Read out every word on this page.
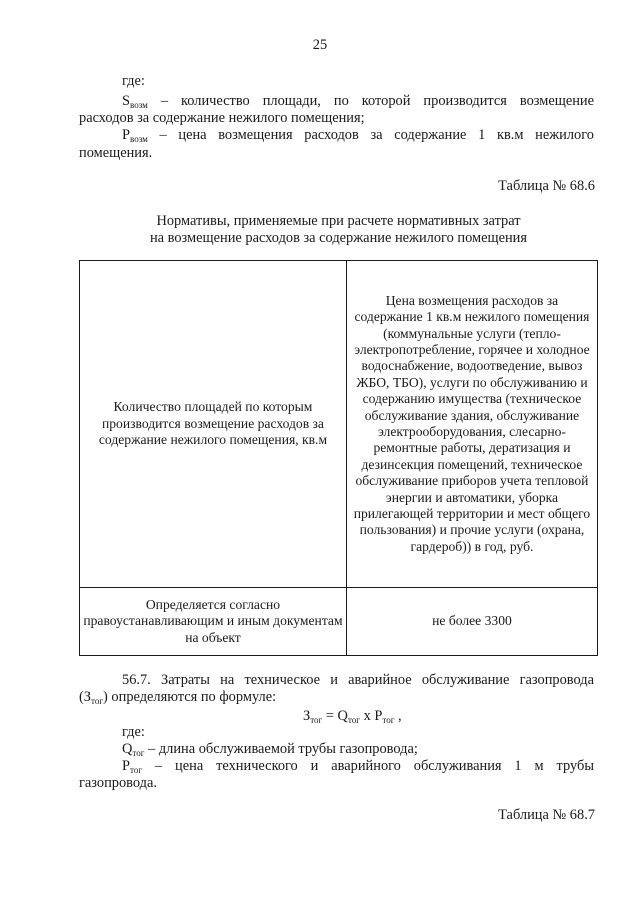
25
где:
$S_{возм}$ – количество площади, по которой производится возмещение
расходов за содержание нежилого помещения;
$P_{возм}$ – цена возмещения расходов за содержание 1 кв.м нежилого
помещения.
Таблица № 68.6
Нормативы, применяемые при расчете нормативных затрат
на возмещение расходов за содержание нежилого помещения
Количество площадей по которым производится возмещение расходов за содержание нежилого помещения, кв.м	Цена возмещения расходов за содержание 1 кв.м нежилого помещения (коммунальные услуги (тепло-электропотребление, горячее и холодное водоснабжение, водоотведение, вывоз ЖБО, ТБО), услуги по обслуживанию и содержанию имущества (техническое обслуживание здания, обслуживание электрооборудования, слесарно-ремонтные работы, дератизация и дезинсекция помещений, техническое обслуживание приборов учета тепловой энергии и автоматики, уборка прилегающей территории и мест общего пользования) и прочие услуги (охрана, гардероб)) в год, руб.
Определяется согласно правоустанавливающим и иным документам на объект	не более 3300
56.7. Затраты на техническое и аварийное обслуживание газопровода
$(З_{тог})$ определяются по формуле:
$З_{тог} = Q_{тог}$ x $P_{тог}$ ,
где:
$Q_{тог}$ – длина обслуживаемой трубы газопровода;
$P_{тог}$ – цена технического и аварийного обслуживания 1 м трубы
газопровода.
Таблица № 68.7
